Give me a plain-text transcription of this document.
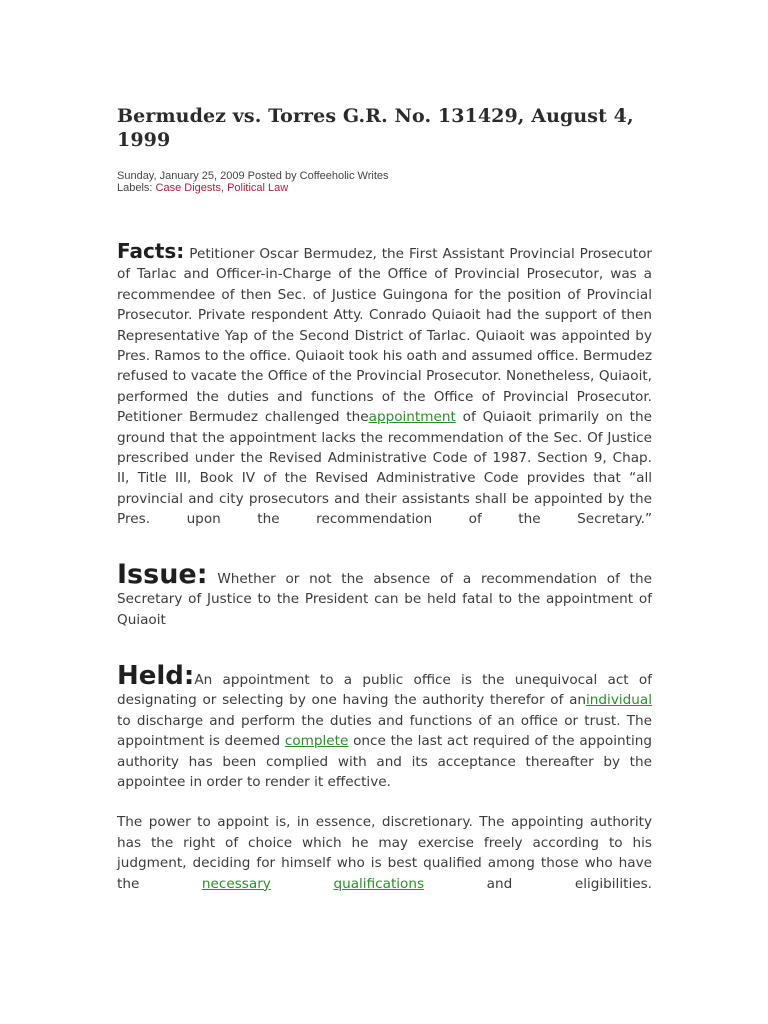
Bermudez vs. Torres G.R. No. 131429, August 4, 1999
Sunday, January 25, 2009 Posted by Coffeeholic Writes
Labels: Case Digests, Political Law

Facts: Petitioner Oscar Bermudez, the First Assistant Provincial Prosecutor of Tarlac and Officer-in-Charge of the Office of Provincial Prosecutor, was a recommendee of then Sec. of Justice Guingona for the position of Provincial Prosecutor. Private respondent Atty. Conrado Quiaoit had the support of then Representative Yap of the Second District of Tarlac. Quiaoit was appointed by Pres. Ramos to the office. Quiaoit took his oath and assumed office. Bermudez refused to vacate the Office of the Provincial Prosecutor. Nonetheless, Quiaoit, performed the duties and functions of the Office of Provincial Prosecutor. Petitioner Bermudez challenged theappointment of Quiaoit primarily on the ground that the appointment lacks the recommendation of the Sec. Of Justice prescribed under the Revised Administrative Code of 1987. Section 9, Chap. II, Title III, Book IV of the Revised Administrative Code provides that “all provincial and city prosecutors and their assistants shall be appointed by the Pres. upon the recommendation of the Secretary.”

Issue: Whether or not the absence of a recommendation of the Secretary of Justice to the President can be held fatal to the appointment of Quiaoit

Held:An appointment to a public office is the unequivocal act of designating or selecting by one having the authority therefor of anindividual to discharge and perform the duties and functions of an office or trust. The appointment is deemed complete once the last act required of the appointing authority has been complied with and its acceptance thereafter by the appointee in order to render it effective.

The power to appoint is, in essence, discretionary. The appointing authority has the right of choice which he may exercise freely according to his judgment, deciding for himself who is best qualified among those who have the necessary	qualifications and eligibilities.
